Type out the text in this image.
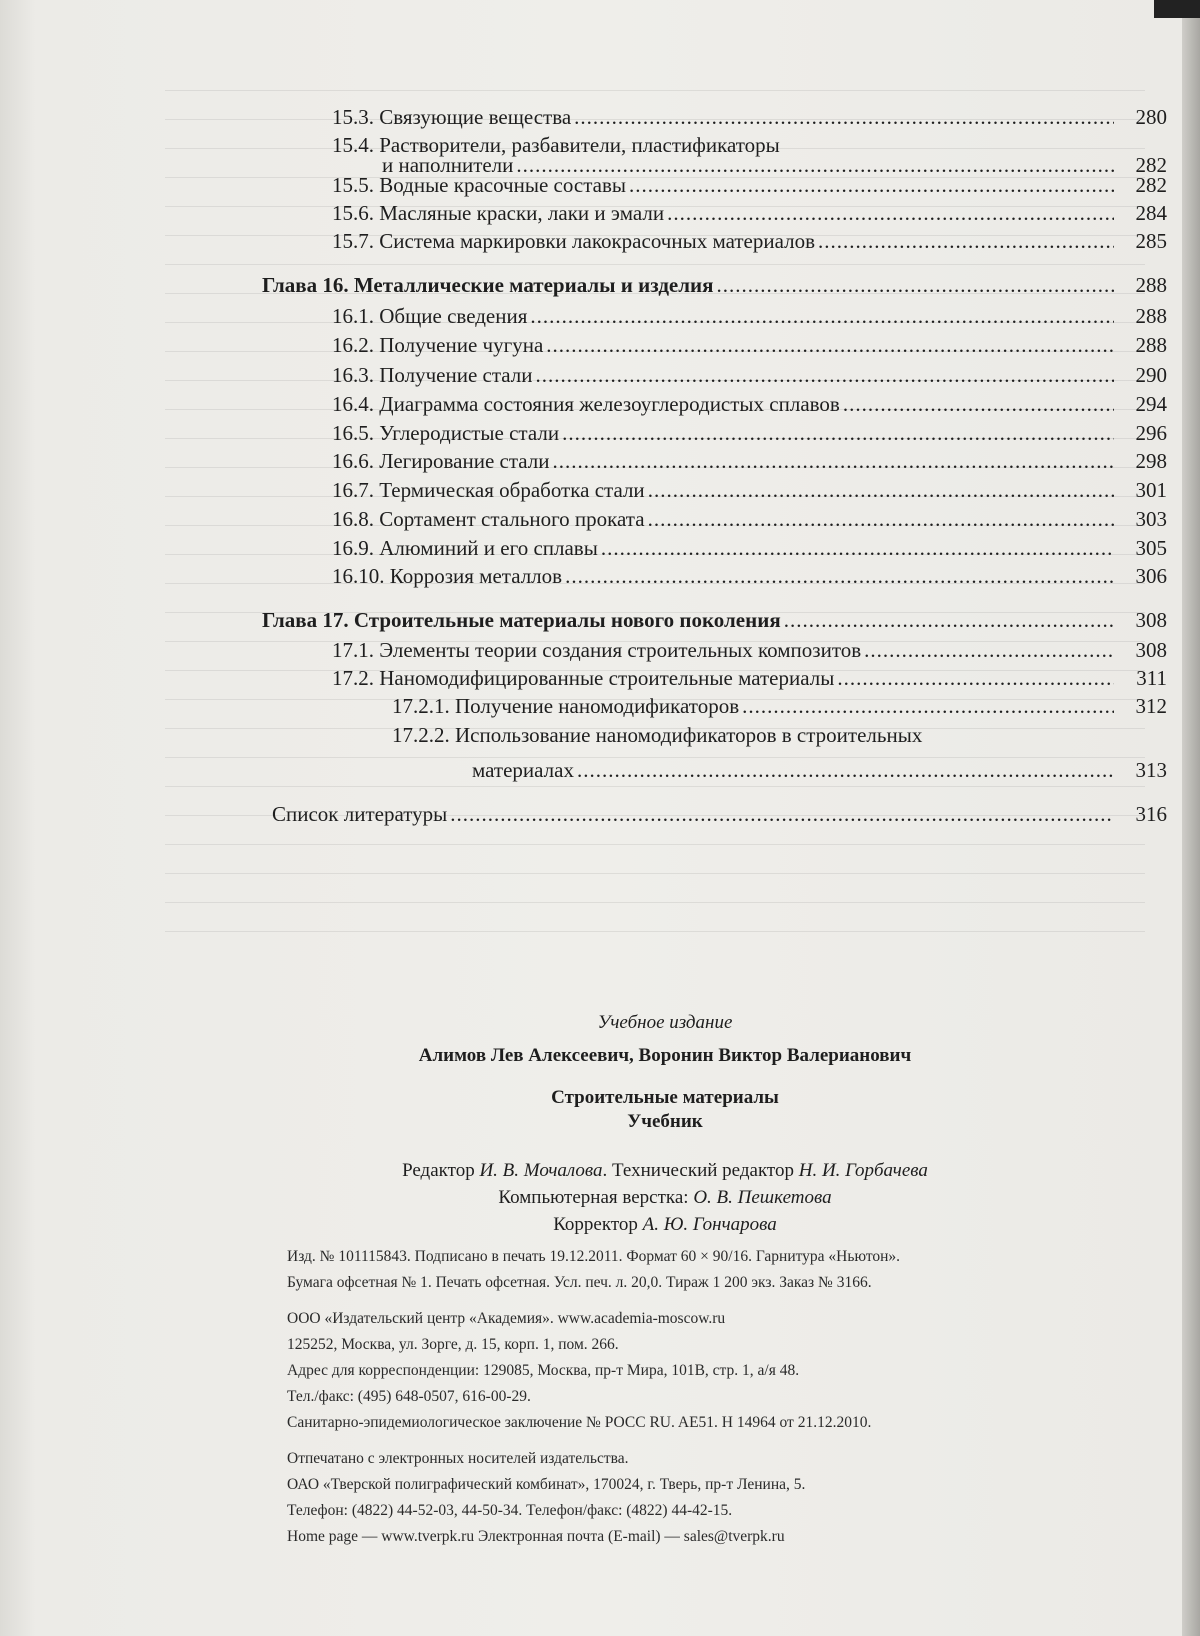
15.3. Связующие вещества .....	280
15.4. Растворители, разбавители, пластификаторы
и наполнители .....	282
15.5. Водные красочные составы .....	282
15.6. Масляные краски, лаки и эмали .....	284
15.7. Система маркировки лакокрасочных материалов .....	285
Глава 16. Металлические материалы и изделия .....	288
16.1. Общие сведения .....	288
16.2. Получение чугуна .....	288
16.3. Получение стали .....	290
16.4. Диаграмма состояния железоуглеродистых сплавов .....	294
16.5. Углеродистые стали .....	296
16.6. Легирование стали .....	298
16.7. Термическая обработка стали .....	301
16.8. Сортамент стального проката .....	303
16.9. Алюминий и его сплавы .....	305
16.10. Коррозия металлов .....	306
Глава 17. Строительные материалы нового поколения .....	308
17.1. Элементы теории создания строительных композитов .....	308
17.2. Наномодифицированные строительные материалы .....	311
17.2.1. Получение наномодификаторов .....	312
17.2.2. Использование наномодификаторов в строительных
материалах .....	313
Список литературы .....	316
Учебное издание
Алимов Лев Алексеевич, Воронин Виктор Валерианович
Строительные материалы
Учебник
Редактор И. В. Мочалова. Технический редактор Н. И. Горбачева
Компьютерная верстка: О. В. Пешкетова
Корректор А. Ю. Гончарова
Изд. № 101115843. Подписано в печать 19.12.2011. Формат 60 × 90/16. Гарнитура «Ньютон».
Бумага офсетная № 1. Печать офсетная. Усл. печ. л. 20,0. Тираж 1 200 экз. Заказ № 3166.
ООО «Издательский центр «Академия». www.academia-moscow.ru
125252, Москва, ул. Зорге, д. 15, корп. 1, пом. 266.
Адрес для корреспонденции: 129085, Москва, пр-т Мира, 101В, стр. 1, а/я 48.
Тел./факс: (495) 648-0507, 616-00-29.
Санитарно-эпидемиологическое заключение № РОСС RU. AE51. H 14964 от 21.12.2010.
Отпечатано с электронных носителей издательства.
ОАО «Тверской полиграфический комбинат», 170024, г. Тверь, пр-т Ленина, 5.
Телефон: (4822) 44-52-03, 44-50-34. Телефон/факс: (4822) 44-42-15.
Home page — www.tverpk.ru Электронная почта (E-mail) — sales@tverpk.ru
